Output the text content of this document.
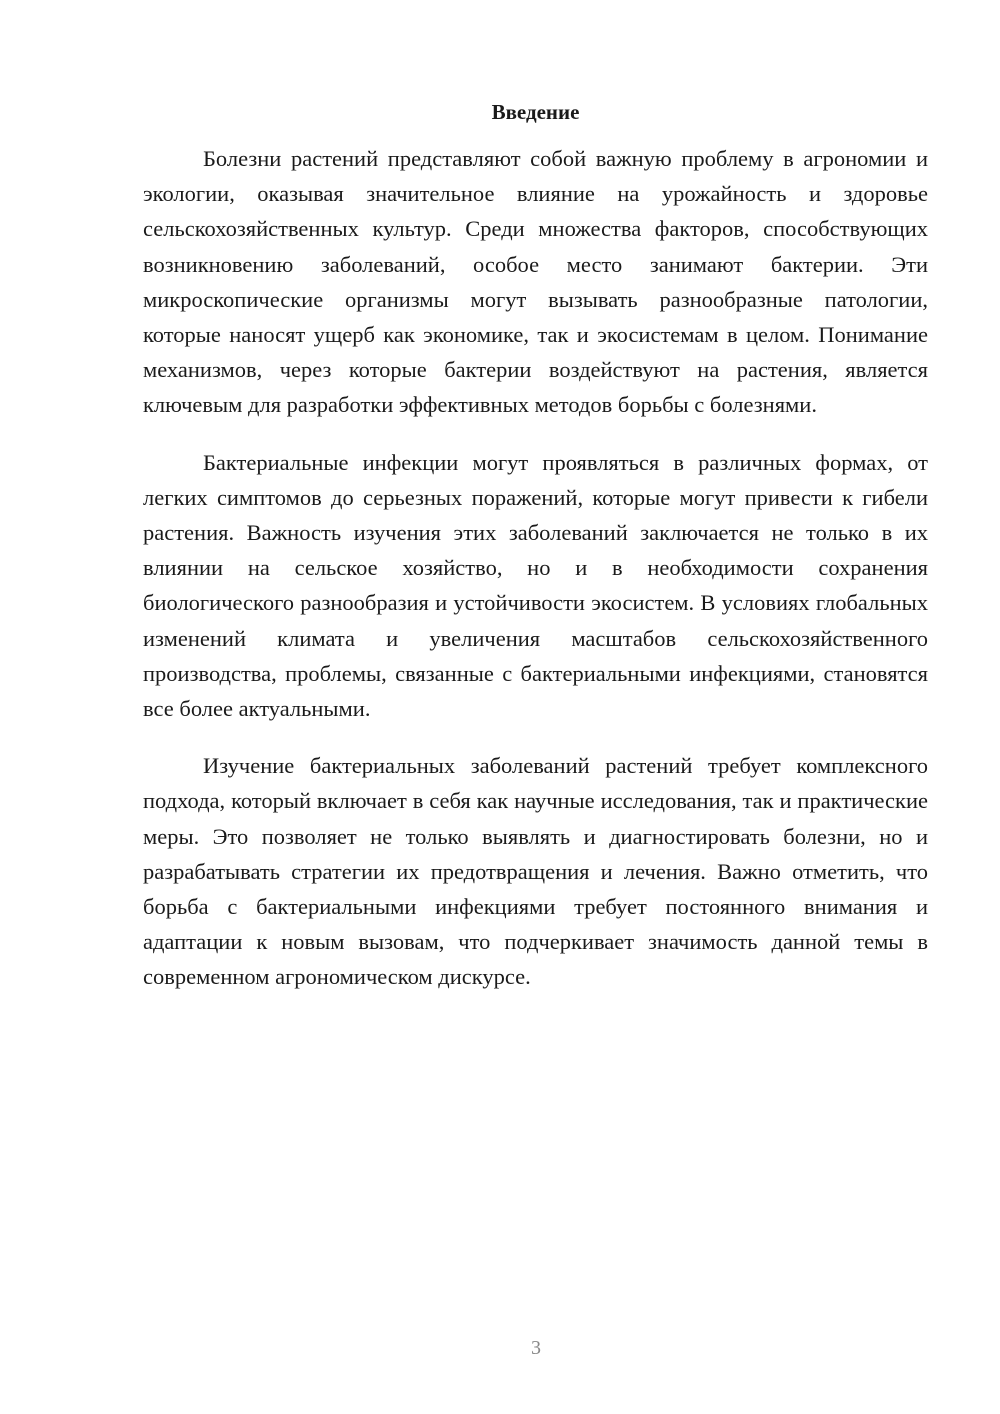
Введение

Болезни растений представляют собой важную проблему в агрономии и экологии, оказывая значительное влияние на урожайность и здоровье сельскохозяйственных культур. Среди множества факторов, способствующих возникновению заболеваний, особое место занимают бактерии. Эти микроскопические организмы могут вызывать разнообразные патологии, которые наносят ущерб как экономике, так и экосистемам в целом. Понимание механизмов, через которые бактерии воздействуют на растения, является ключевым для разработки эффективных методов борьбы с болезнями.

Бактериальные инфекции могут проявляться в различных формах, от легких симптомов до серьезных поражений, которые могут привести к гибели растения. Важность изучения этих заболеваний заключается не только в их влиянии на сельское хозяйство, но и в необходимости сохранения биологического разнообразия и устойчивости экосистем. В условиях глобальных изменений климата и увеличения масштабов сельскохозяйственного производства, проблемы, связанные с бактериальными инфекциями, становятся все более актуальными.

Изучение бактериальных заболеваний растений требует комплексного подхода, который включает в себя как научные исследования, так и практические меры. Это позволяет не только выявлять и диагностировать болезни, но и разрабатывать стратегии их предотвращения и лечения. Важно отметить, что борьба с бактериальными инфекциями требует постоянного внимания и адаптации к новым вызовам, что подчеркивает значимость данной темы в современном агрономическом дискурсе.

3
